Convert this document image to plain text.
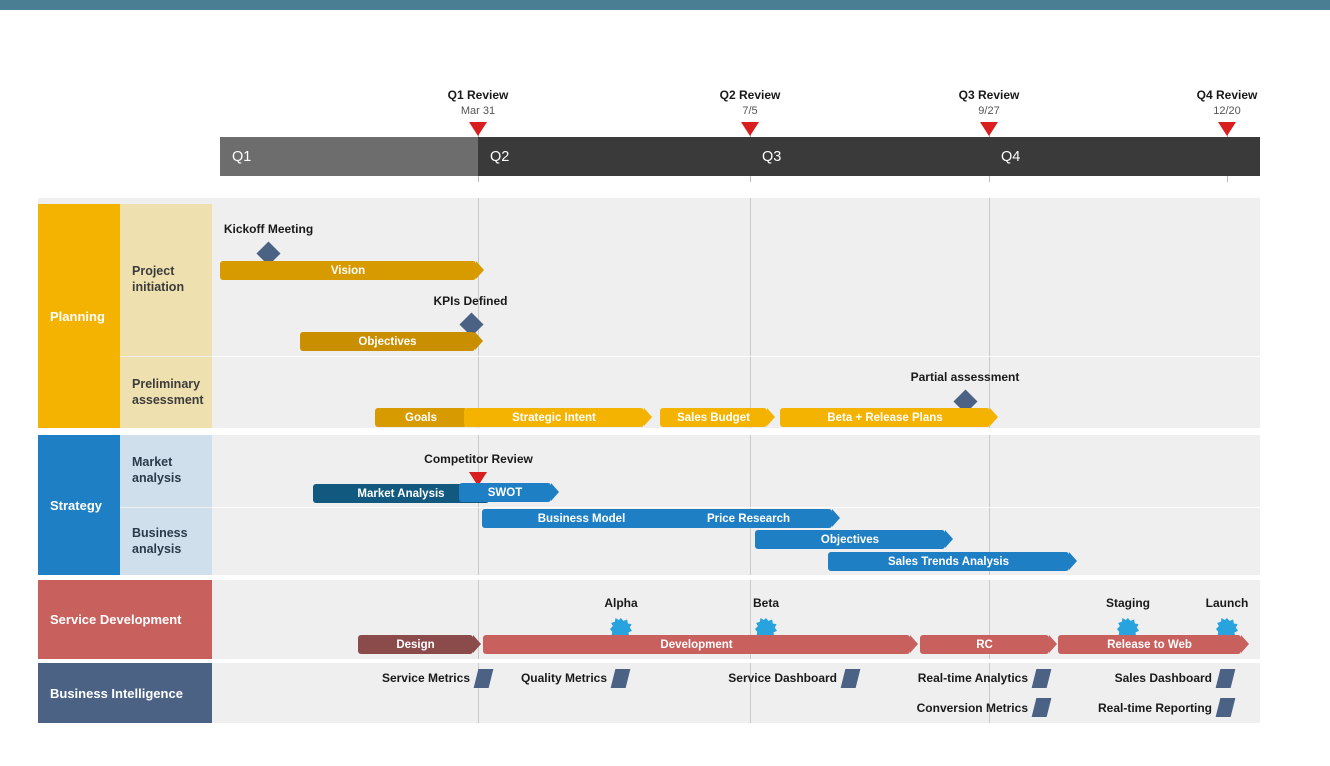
Q1 Review
Mar 31
Q2 Review
7/5
Q3 Review
9/27
Q4 Review
12/20
Q1	Q2	Q3	Q4
Planning
Project
initiation
Preliminary
assessment
Kickoff Meeting
Vision
KPIs Defined
Objectives
Partial assessment
Goals	Strategic Intent	Sales Budget	Beta + Release Plans
Strategy
Market
analysis
Business
analysis
Competitor Review
Market Analysis	SWOT
Business Model	Price Research
Objectives
Sales Trends Analysis
Service Development
Alpha	Beta	Staging	Launch
Design	Development	RC	Release to Web
Business Intelligence
Service Metrics	Quality Metrics	Service Dashboard	Real-time Analytics	Sales Dashboard
Conversion Metrics	Real-time Reporting
